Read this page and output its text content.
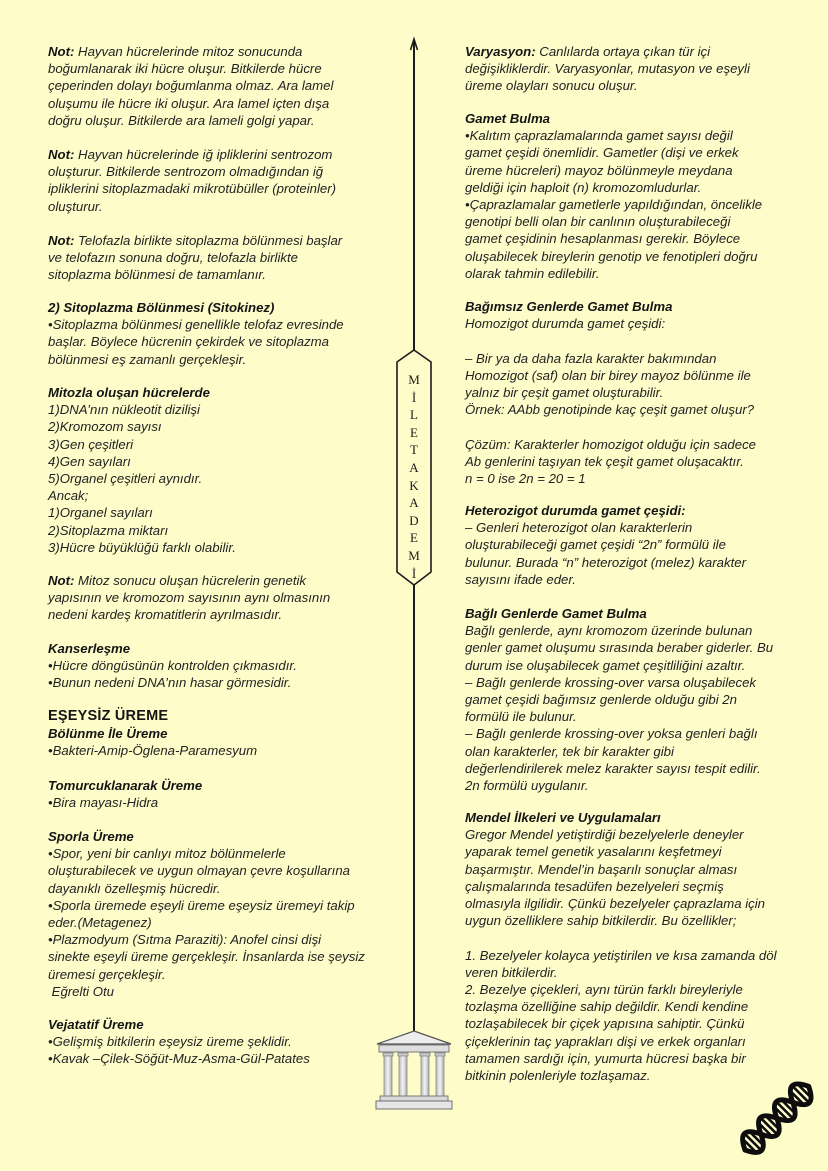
MİLETAKADEMİ
Not: Hayvan hücrelerinde mitoz sonucunda
boğumlanarak iki hücre oluşur. Bitkilerde hücre
çeperinden dolayı boğumlanma olmaz. Ara lamel
oluşumu ile hücre iki oluşur. Ara lamel içten dışa
doğru oluşur. Bitkilerde ara lameli golgi yapar.
Not: Hayvan hücrelerinde iğ ipliklerini sentrozom
oluşturur. Bitkilerde sentrozom olmadığından iğ
ipliklerini sitoplazmadaki mikrotübüller (proteinler)
oluşturur.
Not: Telofazla birlikte sitoplazma bölünmesi başlar
ve telofazın sonuna doğru, telofazla birlikte
sitoplazma bölünmesi de tamamlanır.
2) Sitoplazma Bölünmesi (Sitokinez)
•Sitoplazma bölünmesi genellikle telofaz evresinde
başlar. Böylece hücrenin çekirdek ve sitoplazma
bölünmesi eş zamanlı gerçekleşir.
Mitozla oluşan hücrelerde
1)DNA’nın nükleotit dizilişi
2)Kromozom sayısı
3)Gen çeşitleri
4)Gen sayıları
5)Organel çeşitleri aynıdır.
Ancak;
1)Organel sayıları
2)Sitoplazma miktarı
3)Hücre büyüklüğü farklı olabilir.
Not: Mitoz sonucu oluşan hücrelerin genetik
yapısının ve kromozom sayısının aynı olmasının
nedeni kardeş kromatitlerin ayrılmasıdır.
Kanserleşme
•Hücre döngüsünün kontrolden çıkmasıdır.
•Bunun nedeni DNA’nın hasar görmesidir.
EŞEYSİZ ÜREME
Bölünme İle Üreme
•Bakteri-Amip-Öglena-Paramesyum
Tomurcuklanarak Üreme
•Bira mayası-Hidra
Sporla Üreme
•Spor, yeni bir canlıyı mitoz bölünmelerle
oluşturabilecek ve uygun olmayan çevre koşullarına
dayanıklı özelleşmiş hücredir.
•Sporla üremede eşeyli üreme eşeysiz üremeyi takip
eder.(Metagenez)
•Plazmodyum (Sıtma Paraziti): Anofel cinsi dişi
sinekte eşeyli üreme gerçekleşir. İnsanlarda ise şeysiz
üremesi gerçekleşir.
Eğrelti Otu
Vejatatif Üreme
•Gelişmiş bitkilerin eşeysiz üreme şeklidir.
•Kavak –Çilek-Söğüt-Muz-Asma-Gül-Patates
Varyasyon: Canlılarda ortaya çıkan tür içi
değişikliklerdir. Varyasyonlar, mutasyon ve eşeyli
üreme olayları sonucu oluşur.
Gamet Bulma
•Kalıtım çaprazlamalarında gamet sayısı değil
gamet çeşidi önemlidir. Gametler (dişi ve erkek
üreme hücreleri) mayoz bölünmeyle meydana
geldiği için haploit (n) kromozomludurlar.
•Çaprazlamalar gametlerle yapıldığından, öncelikle
genotipi belli olan bir canlının oluşturabileceği
gamet çeşidinin hesaplanması gerekir. Böylece
oluşabilecek bireylerin genotip ve fenotipleri doğru
olarak tahmin edilebilir.
Bağımsız Genlerde Gamet Bulma
Homozigot durumda gamet çeşidi:

– Bir ya da daha fazla karakter bakımından
Homozigot (saf) olan bir birey mayoz bölünme ile
yalnız bir çeşit gamet oluşturabilir.
Örnek: AAbb genotipinde kaç çeşit gamet oluşur?

Çözüm: Karakterler homozigot olduğu için sadece
Ab genlerini taşıyan tek çeşit gamet oluşacaktır.
n = 0 ise 2n = 20 = 1
Heterozigot durumda gamet çeşidi:
– Genleri heterozigot olan karakterlerin
oluşturabileceği gamet çeşidi “2n” formülü ile
bulunur. Burada “n” heterozigot (melez) karakter
sayısını ifade eder.
Bağlı Genlerde Gamet Bulma
Bağlı genlerde, aynı kromozom üzerinde bulunan
genler gamet oluşumu sırasında beraber giderler. Bu
durum ise oluşabilecek gamet çeşitliliğini azaltır.
– Bağlı genlerde krossing-over varsa oluşabilecek
gamet çeşidi bağımsız genlerde olduğu gibi 2n
formülü ile bulunur.
– Bağlı genlerde krossing-over yoksa genleri bağlı
olan karakterler, tek bir karakter gibi
değerlendirilerek melez karakter sayısı tespit edilir.
2n formülü uygulanır.
Mendel İlkeleri ve Uygulamaları
Gregor Mendel yetiştirdiği bezelyelerle deneyler
yaparak temel genetik yasalarını keşfetmeyi
başarmıştır. Mendel’in başarılı sonuçlar alması
çalışmalarında tesadüfen bezelyeleri seçmiş
olmasıyla ilgilidir. Çünkü bezelyeler çaprazlama için
uygun özelliklere sahip bitkilerdir. Bu özellikler;

1. Bezelyeler kolayca yetiştirilen ve kısa zamanda döl
veren bitkilerdir.
2. Bezelye çiçekleri, aynı türün farklı bireyleriyle
tozlaşma özelliğine sahip değildir. Kendi kendine
tozlaşabilecek bir çiçek yapısına sahiptir. Çünkü
çiçeklerinin taç yaprakları dişi ve erkek organları
tamamen sardığı için, yumurta hücresi başka bir
bitkinin polenleriyle tozlaşamaz.
